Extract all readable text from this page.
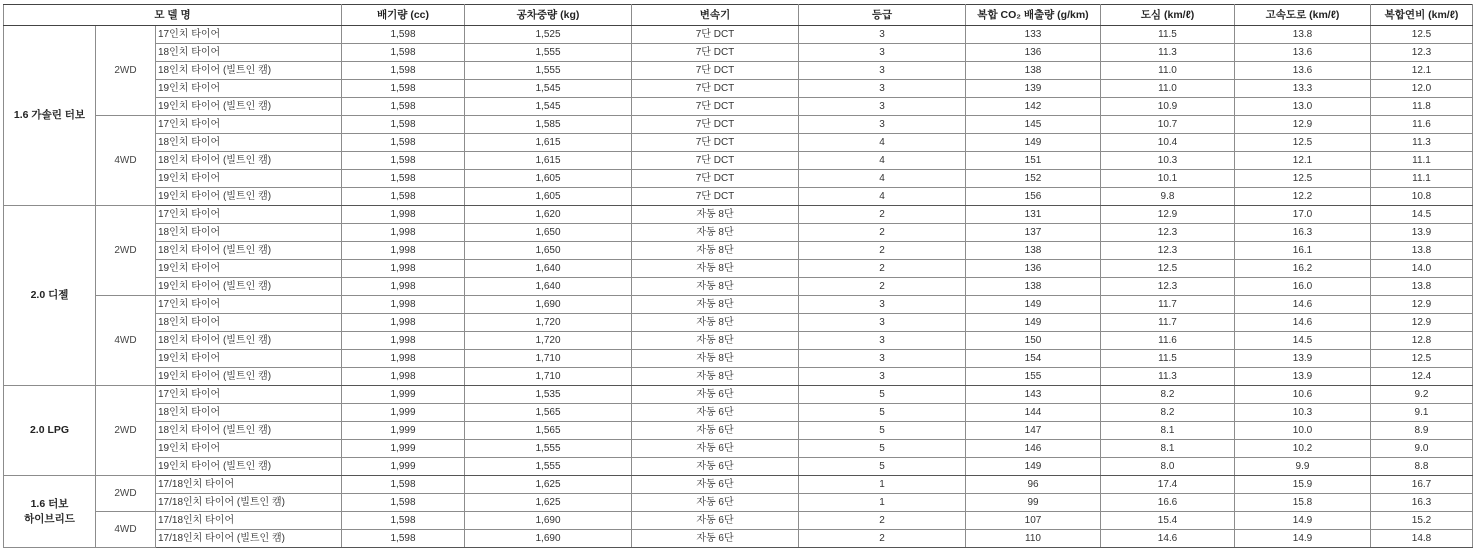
모 델 명			배기량 (cc)	공차중량 (kg)	변속기	등급	복합 CO₂ 배출량 (g/km)	도심 (km/ℓ)	고속도로 (km/ℓ)	복합연비 (km/ℓ)
1.6 가솔린 터보	2WD	17인치 타이어	1,598	1,525	7단 DCT	3	133	11.5	13.8	12.5
		18인치 타이어	1,598	1,555	7단 DCT	3	136	11.3	13.6	12.3
		18인치 타이어 (빌트인 캠)	1,598	1,555	7단 DCT	3	138	11.0	13.6	12.1
		19인치 타이어	1,598	1,545	7단 DCT	3	139	11.0	13.3	12.0
		19인치 타이어 (빌트인 캠)	1,598	1,545	7단 DCT	3	142	10.9	13.0	11.8
	4WD	17인치 타이어	1,598	1,585	7단 DCT	3	145	10.7	12.9	11.6
		18인치 타이어	1,598	1,615	7단 DCT	4	149	10.4	12.5	11.3
		18인치 타이어 (빌트인 캠)	1,598	1,615	7단 DCT	4	151	10.3	12.1	11.1
		19인치 타이어	1,598	1,605	7단 DCT	4	152	10.1	12.5	11.1
		19인치 타이어 (빌트인 캠)	1,598	1,605	7단 DCT	4	156	9.8	12.2	10.8
2.0 디젤	2WD	17인치 타이어	1,998	1,620	자동 8단	2	131	12.9	17.0	14.5
		18인치 타이어	1,998	1,650	자동 8단	2	137	12.3	16.3	13.9
		18인치 타이어 (빌트인 캠)	1,998	1,650	자동 8단	2	138	12.3	16.1	13.8
		19인치 타이어	1,998	1,640	자동 8단	2	136	12.5	16.2	14.0
		19인치 타이어 (빌트인 캠)	1,998	1,640	자동 8단	2	138	12.3	16.0	13.8
	4WD	17인치 타이어	1,998	1,690	자동 8단	3	149	11.7	14.6	12.9
		18인치 타이어	1,998	1,720	자동 8단	3	149	11.7	14.6	12.9
		18인치 타이어 (빌트인 캠)	1,998	1,720	자동 8단	3	150	11.6	14.5	12.8
		19인치 타이어	1,998	1,710	자동 8단	3	154	11.5	13.9	12.5
		19인치 타이어 (빌트인 캠)	1,998	1,710	자동 8단	3	155	11.3	13.9	12.4
2.0 LPG	2WD	17인치 타이어	1,999	1,535	자동 6단	5	143	8.2	10.6	9.2
		18인치 타이어	1,999	1,565	자동 6단	5	144	8.2	10.3	9.1
		18인치 타이어 (빌트인 캠)	1,999	1,565	자동 6단	5	147	8.1	10.0	8.9
		19인치 타이어	1,999	1,555	자동 6단	5	146	8.1	10.2	9.0
		19인치 타이어 (빌트인 캠)	1,999	1,555	자동 6단	5	149	8.0	9.9	8.8
1.6 터보
하이브리드	2WD	17/18인치 타이어	1,598	1,625	자동 6단	1	96	17.4	15.9	16.7
		17/18인치 타이어 (빌트인 캠)	1,598	1,625	자동 6단	1	99	16.6	15.8	16.3
	4WD	17/18인치 타이어	1,598	1,690	자동 6단	2	107	15.4	14.9	15.2
		17/18인치 타이어 (빌트인 캠)	1,598	1,690	자동 6단	2	110	14.6	14.9	14.8
